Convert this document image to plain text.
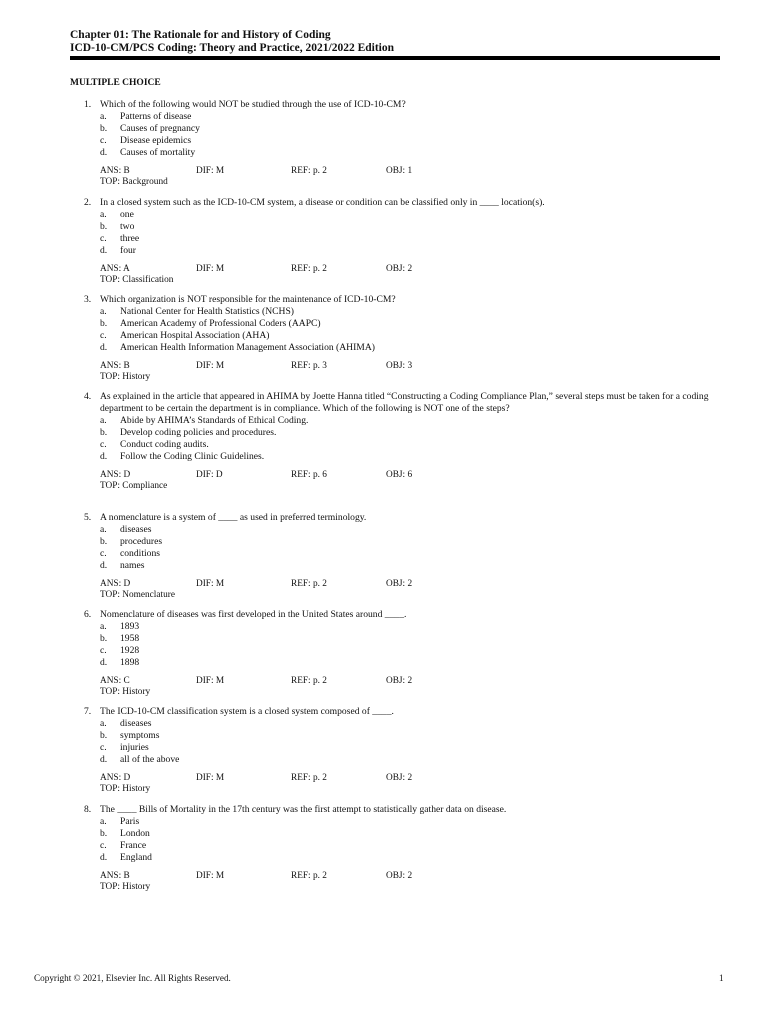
Chapter 01: The Rationale for and History of Coding
ICD-10-CM/PCS Coding: Theory and Practice, 2021/2022 Edition
MULTIPLE CHOICE
1. Which of the following would NOT be studied through the use of ICD-10-CM?
a.	Patterns of disease
b.	Causes of pregnancy
c.	Disease epidemics
d.	Causes of mortality
ANS: B	DIF: M	REF: p. 2	OBJ: 1
TOP: Background
2. In a closed system such as the ICD-10-CM system, a disease or condition can be classified only in ____ location(s).
a.	one
b.	two
c.	three
d.	four
ANS: A	DIF: M	REF: p. 2	OBJ: 2
TOP: Classification
3. Which organization is NOT responsible for the maintenance of ICD-10-CM?
a.	National Center for Health Statistics (NCHS)
b.	American Academy of Professional Coders (AAPC)
c.	American Hospital Association (AHA)
d.	American Health Information Management Association (AHIMA)
ANS: B	DIF: M	REF: p. 3	OBJ: 3
TOP: History
4. As explained in the article that appeared in AHIMA by Joette Hanna titled “Constructing a Coding Compliance Plan,” several steps must be taken for a coding department to be certain the department is in compliance. Which of the following is NOT one of the steps?
a.	Abide by AHIMA’s Standards of Ethical Coding.
b.	Develop coding policies and procedures.
c.	Conduct coding audits.
d.	Follow the Coding Clinic Guidelines.
ANS: D	DIF: D	REF: p. 6	OBJ: 6
TOP: Compliance
5. A nomenclature is a system of ____ as used in preferred terminology.
a.	diseases
b.	procedures
c.	conditions
d.	names
ANS: D	DIF: M	REF: p. 2	OBJ: 2
TOP: Nomenclature
6. Nomenclature of diseases was first developed in the United States around ____.
a.	1893
b.	1958
c.	1928
d.	1898
ANS: C	DIF: M	REF: p. 2	OBJ: 2
TOP: History
7. The ICD-10-CM classification system is a closed system composed of ____.
a.	diseases
b.	symptoms
c.	injuries
d.	all of the above
ANS: D	DIF: M	REF: p. 2	OBJ: 2
TOP: History
8. The ____ Bills of Mortality in the 17th century was the first attempt to statistically gather data on disease.
a.	Paris
b.	London
c.	France
d.	England
ANS: B	DIF: M	REF: p. 2	OBJ: 2
TOP: History
Copyright © 2021, Elsevier Inc. All Rights Reserved.	1
